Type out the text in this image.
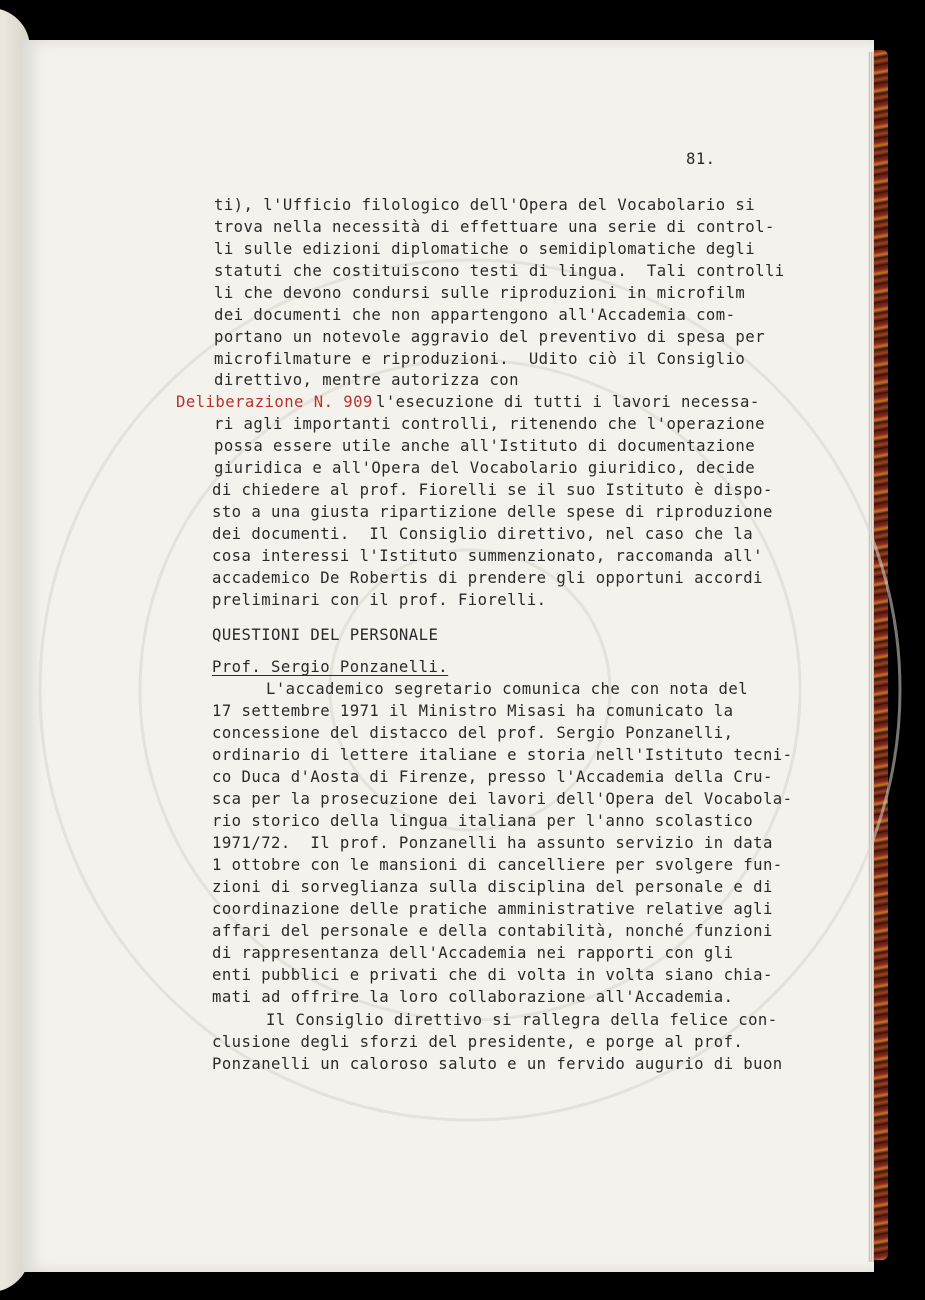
81.
ti), l'Ufficio filologico dell'Opera del Vocabolario si
trova nella necessità di effettuare una serie di control-
li sulle edizioni diplomatiche o semidiplomatiche degli
statuti che costituiscono testi di lingua.  Tali controlli
li che devono condursi sulle riproduzioni in microfilm
dei documenti che non appartengono all'Accademia com-
portano un notevole aggravio del preventivo di spesa per
microfilmature e riproduzioni.  Udito ciò il Consiglio
direttivo, mentre autorizza con
Deliberazione N. 909 l'esecuzione di tutti i lavori necessa-
ri agli importanti controlli, ritenendo che l'operazione
possa essere utile anche all'Istituto di documentazione
giuridica e all'Opera del Vocabolario giuridico, decide
di chiedere al prof. Fiorelli se il suo Istituto è dispo-
sto a una giusta ripartizione delle spese di riproduzione
dei documenti.  Il Consiglio direttivo, nel caso che la
cosa interessi l'Istituto summenzionato, raccomanda all'
accademico De Robertis di prendere gli opportuni accordi
preliminari con il prof. Fiorelli.
QUESTIONI DEL PERSONALE
Prof. Sergio Ponzanelli.
L'accademico segretario comunica che con nota del
17 settembre 1971 il Ministro Misasi ha comunicato la
concessione del distacco del prof. Sergio Ponzanelli,
ordinario di lettere italiane e storia nell'Istituto tecni-
co Duca d'Aosta di Firenze, presso l'Accademia della Cru-
sca per la prosecuzione dei lavori dell'Opera del Vocabola-
rio storico della lingua italiana per l'anno scolastico
1971/72.  Il prof. Ponzanelli ha assunto servizio in data
1 ottobre con le mansioni di cancelliere per svolgere fun-
zioni di sorveglianza sulla disciplina del personale e di
coordinazione delle pratiche amministrative relative agli
affari del personale e della contabilità, nonché funzioni
di rappresentanza dell'Accademia nei rapporti con gli
enti pubblici e privati che di volta in volta siano chia-
mati ad offrire la loro collaborazione all'Accademia.
Il Consiglio direttivo si rallegra della felice con-
clusione degli sforzi del presidente, e porge al prof.
Ponzanelli un caloroso saluto e un fervido augurio di buon
